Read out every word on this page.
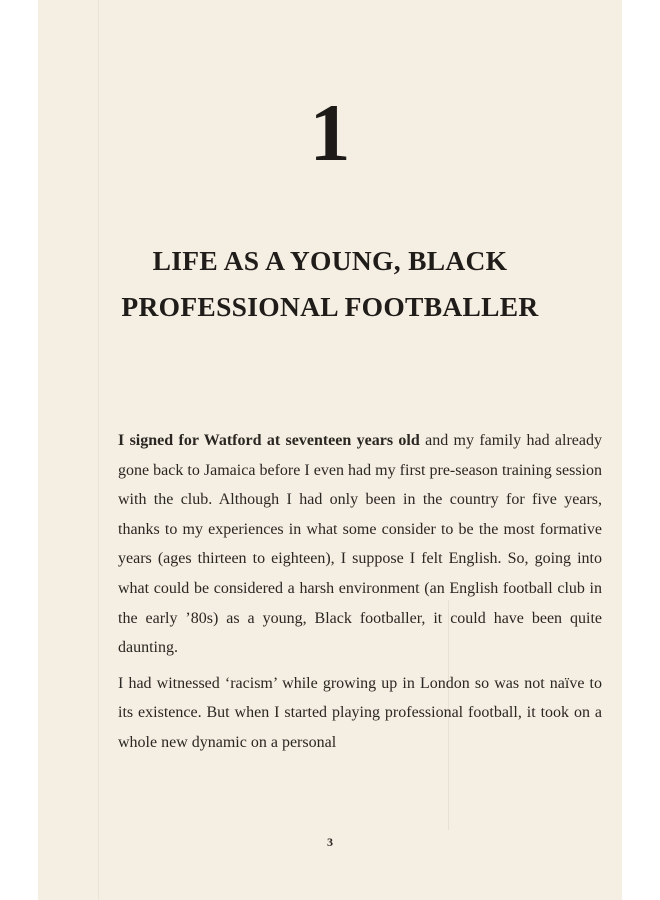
1
LIFE AS A YOUNG, BLACK
PROFESSIONAL FOOTBALLER

I signed for Watford at seventeen years old and my family had already gone back to Jamaica before I even had my first pre-season training session with the club. Although I had only been in the country for five years, thanks to my experiences in what some consider to be the most formative years (ages thirteen to eighteen), I suppose I felt English. So, going into what could be considered a harsh environment (an English football club in the early ’80s) as a young, Black footballer, it could have been quite daunting.

I had witnessed ‘racism’ while growing up in London so was not naïve to its existence. But when I started playing professional football, it took on a whole new dynamic on a personal

3
